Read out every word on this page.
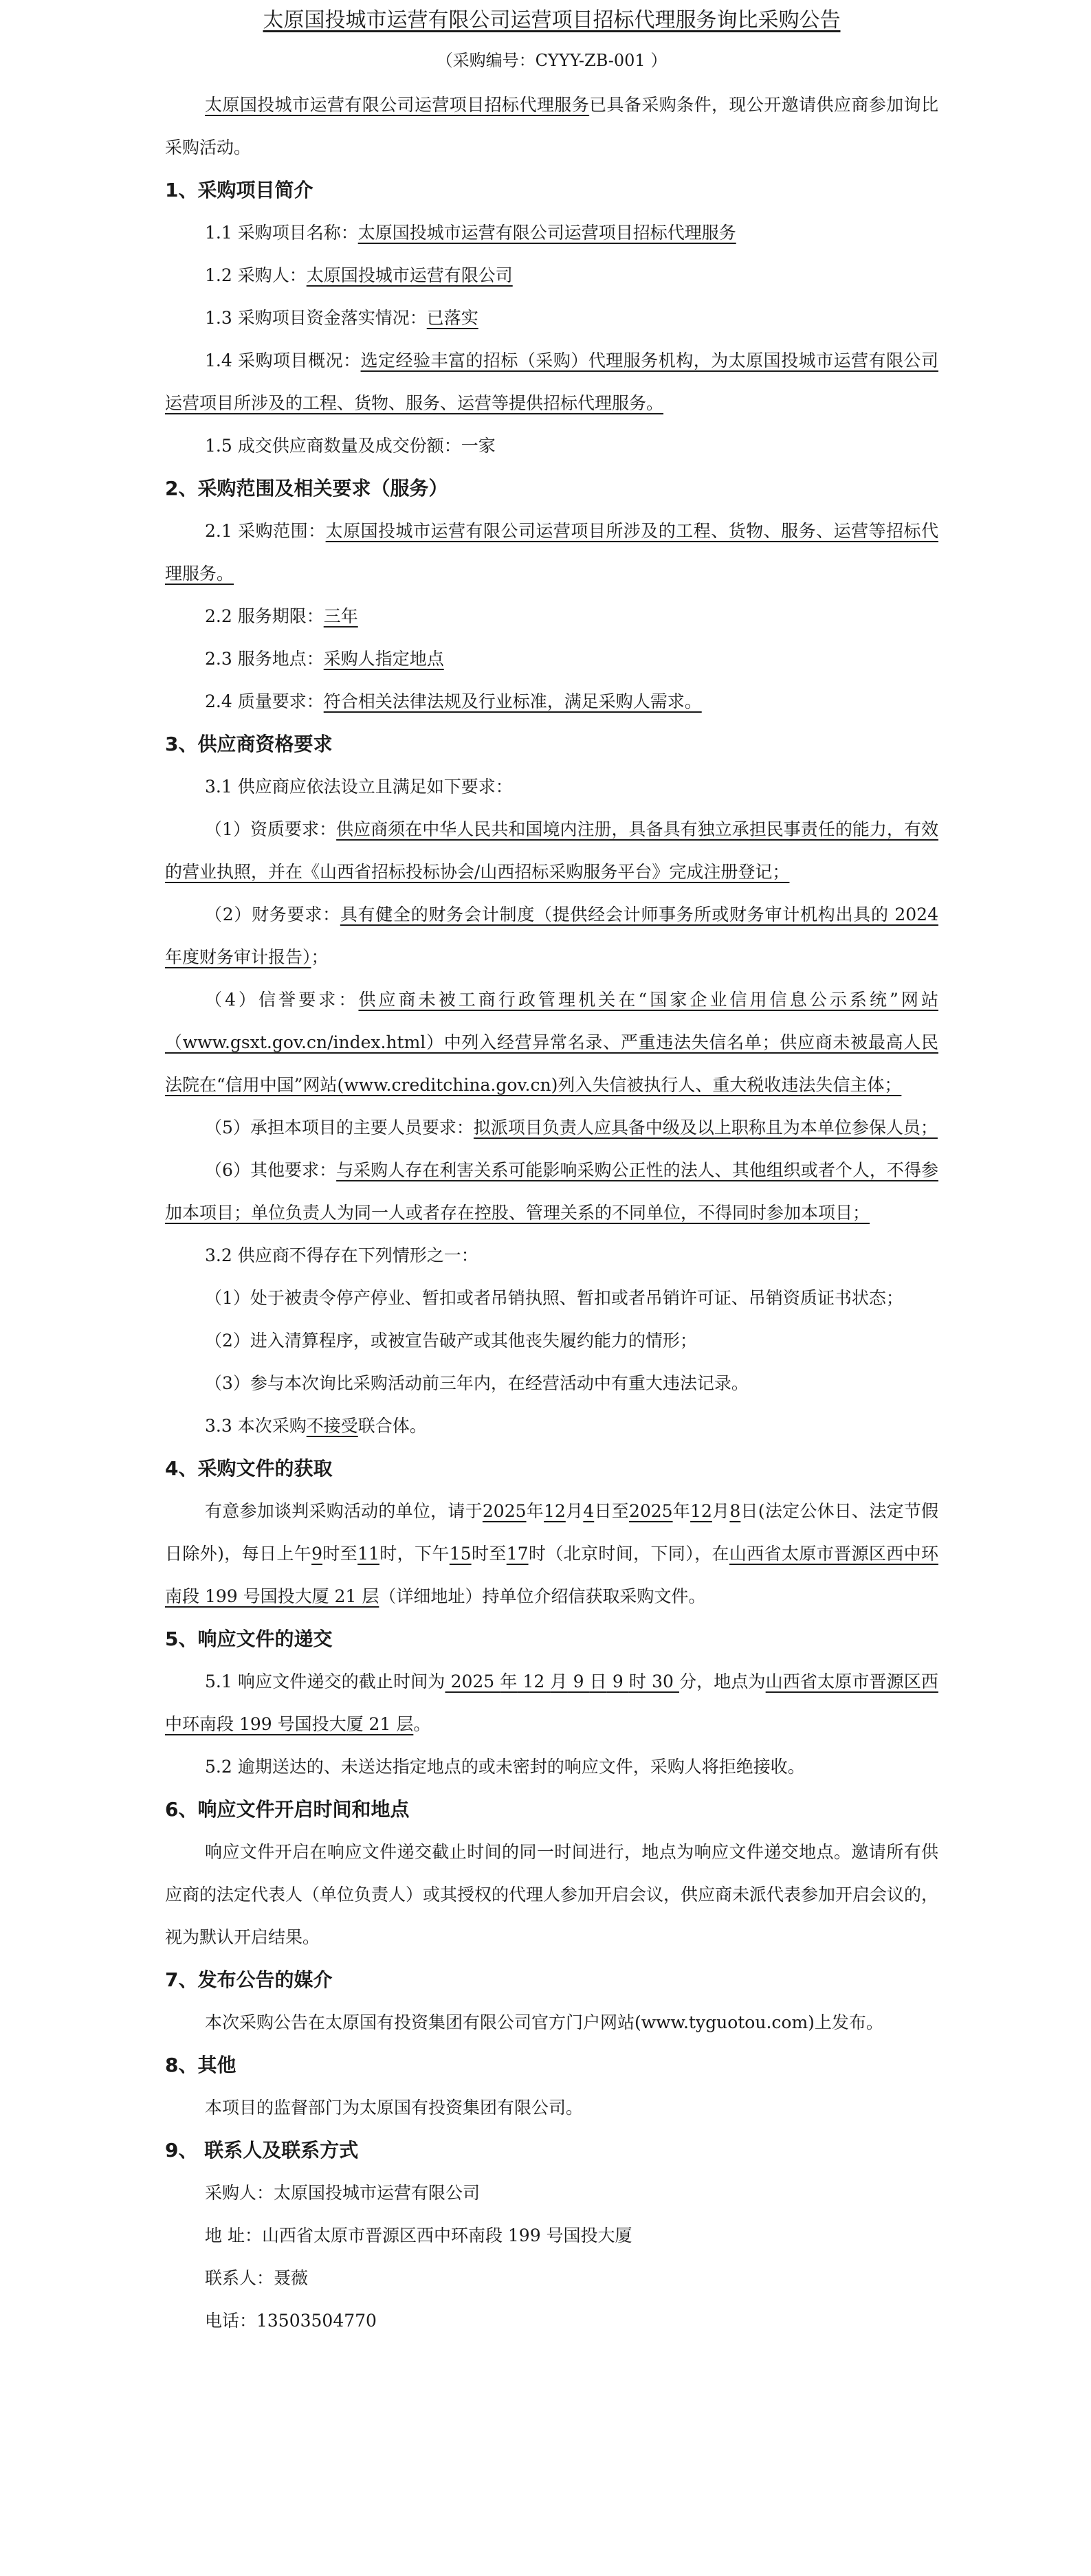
太原国投城市运营有限公司运营项目招标代理服务询比采购公告
（采购编号：CYYY-ZB-001 ）

太原国投城市运营有限公司运营项目招标代理服务已具备采购条件，现公开邀请供应商参加询比采购活动。

1、采购项目简介

1.1 采购项目名称：太原国投城市运营有限公司运营项目招标代理服务

1.2 采购人：太原国投城市运营有限公司

1.3 采购项目资金落实情况：已落实

1.4 采购项目概况：选定经验丰富的招标（采购）代理服务机构，为太原国投城市运营有限公司运营项目所涉及的工程、货物、服务、运营等提供招标代理服务。

1.5 成交供应商数量及成交份额：一家

2、采购范围及相关要求（服务）

2.1 采购范围：太原国投城市运营有限公司运营项目所涉及的工程、货物、服务、运营等招标代理服务。

2.2 服务期限：三年

2.3 服务地点：采购人指定地点

2.4 质量要求：符合相关法律法规及行业标准，满足采购人需求。

3、供应商资格要求

3.1 供应商应依法设立且满足如下要求：

（1）资质要求：供应商须在中华人民共和国境内注册，具备具有独立承担民事责任的能力，有效的营业执照，并在《山西省招标投标协会/山西招标采购服务平台》完成注册登记；

（2）财务要求：具有健全的财务会计制度（提供经会计师事务所或财务审计机构出具的 2024 年度财务审计报告）；

（4）信誉要求：供应商未被工商行政管理机关在“国家企业信用信息公示系统”网站（www.gsxt.gov.cn/index.html）中列入经营异常名录、严重违法失信名单；供应商未被最高人民法院在“信用中国”网站(www.creditchina.gov.cn)列入失信被执行人、重大税收违法失信主体；

（5）承担本项目的主要人员要求：拟派项目负责人应具备中级及以上职称且为本单位参保人员；

（6）其他要求：与采购人存在利害关系可能影响采购公正性的法人、其他组织或者个人，不得参加本项目；单位负责人为同一人或者存在控股、管理关系的不同单位，不得同时参加本项目；

3.2 供应商不得存在下列情形之一：

（1）处于被责令停产停业、暂扣或者吊销执照、暂扣或者吊销许可证、吊销资质证书状态；

（2）进入清算程序，或被宣告破产或其他丧失履约能力的情形；

（3）参与本次询比采购活动前三年内，在经营活动中有重大违法记录。

3.3 本次采购不接受联合体。

4、采购文件的获取

有意参加谈判采购活动的单位，请于2025年12月4日至2025年12月8日(法定公休日、法定节假日除外)，每日上午9时至11时，下午15时至17时（北京时间，下同），在山西省太原市晋源区西中环南段 199 号国投大厦 21 层（详细地址）持单位介绍信获取采购文件。

5、响应文件的递交

5.1 响应文件递交的截止时间为 2025 年 12 月 9 日 9 时 30 分，地点为山西省太原市晋源区西中环南段 199 号国投大厦 21 层。

5.2 逾期送达的、未送达指定地点的或未密封的响应文件，采购人将拒绝接收。

6、响应文件开启时间和地点

响应文件开启在响应文件递交截止时间的同一时间进行，地点为响应文件递交地点。邀请所有供应商的法定代表人（单位负责人）或其授权的代理人参加开启会议，供应商未派代表参加开启会议的，视为默认开启结果。

7、发布公告的媒介

本次采购公告在太原国有投资集团有限公司官方门户网站(www.tyguotou.com)上发布。

8、其他

本项目的监督部门为太原国有投资集团有限公司。

9、 联系人及联系方式

采购人：太原国投城市运营有限公司

地 址：山西省太原市晋源区西中环南段 199 号国投大厦

联系人：聂薇

电话：13503504770
